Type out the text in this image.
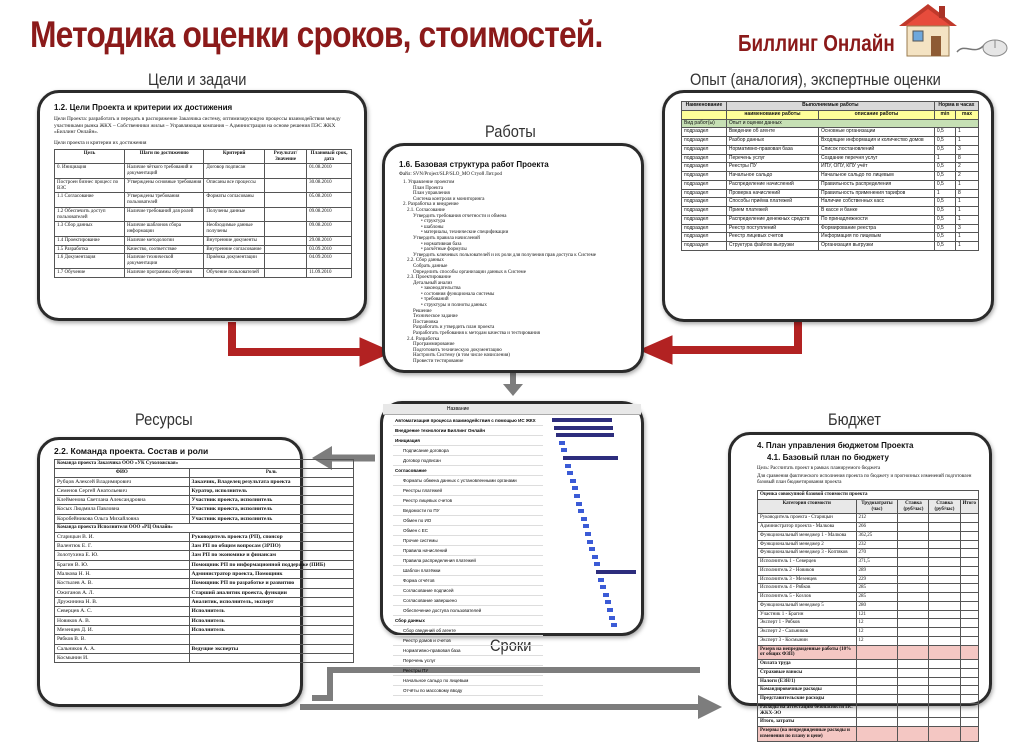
Методика оценки сроков, стоимостей.	Биллинг Онлайн
Цели и задачи
Работы
Опыт (аналогия), экспертные оценки
Ресурсы	Бюджет
Сроки
1.2. Цели Проекта и критерии их достижения
Цели Проекта: разработать и передать в распоряжение Заказчика систему, оптимизирующую процессы взаимодействия между участниками рынка ЖКХ – Собственники жилья – Управляющая компания – Администрация на основе решения ПЭС ЖКХ «Биллинг Онлайн».
Цели проекта и критерии их достижения
Цель	Шаги по достижению	Критерий	Результат/Значение	Плановый срок, дата
0. Инициация	Наличие чёткого требований и документаций	Договор подписан		01.08.2010
Построен бизнес процесс по ВЗС	Утверждены основные требования	Описаны все процессы		30.08.2010
1.1 Согласование	Утверждены требования пользователей	Форматы согласованы		05.08.2010
1.2 Обеспечить доступ пользователей	Наличие требований для ролей	Получены данные		09.08.2010
1.3 Сбор данных	Наличие шаблонов сбора информации	Необходимые данные получены		09.08.2010
1.4 Проектирование	Наличие методологии	Внутренние документы		29.08.2010
1.5 Разработка	Качество, соответствие	Внутренние согласование		03.09.2010
1.6 Документация	Наличие технической документации	Приёмка документации		04.09.2010
1.7 Обучение	Наличие программы обучения	Обучение пользователей		11.09.2010
1.6. Базовая структура работ Проекта
Файл: SVN/Project/SLP/SLO_MO Стуой Лит.pod
1. Управление проектом
План Проекта
План управления
Система контроля и мониторинга
2. Разработка и внедрение
2.1. Согласование
Утвердить требования отчетности и обмена
• структура
• шаблоны
• материалы, технические спецификации
Утвердить правила начислений
• нормативная база
• расчётные формулы
Утвердить ключевых пользователей и их роли для получения прав доступа к Системе
2.2. Сбор данных
Собрать данные
Определить способы организации данных в Системе
2.3. Проектирование
Детальный анализ
• законодательства
• состояния функционала системы
• требований
• структуры и полноты данных
Решение
Техническое задание
Постановка
Разработать и утвердить план проекта
Разработать требования к методам качества и тестирования
2.4. Разработка
Программирование
Подготовить техническую документацию
Настроить Систему (в том числе начисления)
Провести тестирование
Наименование	Выполняемые работы		Норма в часах	
	наименование работы	описание работы	min	max
Вид работ(ы)	Опыт и оценки данных			
подраздел	Введение об агенте	Основные организации	0,5	1
подраздел	Разбор данных	Входящие информация и количество домов	0,5	1
подраздел	Нормативно-правовая база	Список постановлений	0,5	3
подраздел	Перечень услуг	Создание перечня услуг	1	8
подраздел	Реестры ПУ	ИПУ, ОПУ, КПУ учёт	0,5	2
подраздел	Начальное сальдо	Начальное сальдо по лицевым	0,5	2
подраздел	Распределение начислений	Правильность распределения	0,5	1
подраздел	Проверка начислений	Правильность применения тарифов	1	8
подраздел	Способы приёма платежей	Наличие собственных касс	0,5	1
подраздел	Прием платежей	В кассе и банке	0,5	1
подраздел	Распределение денежных средств	По принадлежности	0,5	1
подраздел	Реестр поступлений	Формирование реестра	0,5	3
подраздел	Реестр лицевых счетов	Информация по лицевым	0,5	1
подраздел	Структура файлов выгрузки	Организация выгрузки	0,5	1
2.2. Команда проекта. Состав и роли
Команда проекта Заказчика ООО «УК Сухоложская»	
ФИО	Роль
Рубцов Алексей Владимирович	Заказчик, Владелец результата проекта
Семенов Сергей Анатольевич	Куратор, исполнитель
Клейменова Светлана Александровна	Участник проекта, исполнитель
Косых Людмила Павловна	Участник проекта, исполнитель
Коробейникова Ольга Михайловна	Участник проекта, исполнитель
Команда проекта Исполнителя ООО «РЦ Онлайн»	
Старицын В. И.	Руководитель проекта (РП), спонсор
Валентюк Е. Г.	Зам РП по общим вопросам (ЗРПО)
Золотухина Е. Ю.	Зам РП по экономике и финансам
Брагин В. Ю.	Помощник РП по информационной поддержке (ПИБ)
Малкова Н. Н.	Администратор проекта, Помощник
Костылев А. В.	Помощник РП по разработке и развитию
Ожиганов А. Л.	Старший аналитик проекта, функции
Дружинина Н. В.	Аналитик, исполнитель, эксперт
Северцев А. С.	Исполнитель
Новиков А. В.	Исполнитель
Мезенцев Д. И.	Исполнитель
Рябков В. В.	
Сальников А. А.	Ведущие эксперты
Космынин И.	
Название
Автоматизация процесса взаимодействия с помощью ИС ЖКХ
Внедрение технологии Биллинг Онлайн
Инициация
Подписание договора
Договор подписан
Согласование
Форматы обмена данных с установленными органами
Реестры платежей
Реестр лицевых счетов
Ведомости по ПУ
Обмен по ИО
Обмен с ЕС
Прочие системы
Правила начислений
Правила распределения платежей
Шаблон платёжки
Форма отчётов
Согласование подписей
Согласование завершено
Обеспечение доступа пользователей
Сбор данных
Сбор сведений об агенте
Реестр домов и счетов
Нормативно-правовая база
Перечень услуг
Реестры ПУ
Начальное сальдо по лицевым
Отчёты по массовому вводу
4. План управления бюджетом Проекта
4.1. Базовый план по бюджету
Цель: Рассчитать проект в рамках планируемого бюджета
Для сравнения фактического исполнения проекта по бюджету и прогнозных изменений подготовлен базовый план бюджетирования проекта
Оценка совокупной базовой стоимости проекта				
Категория стоимости	Трудозатраты (час)	Ставка (руб/час)	Ставка (руб/час)	Итого
Руководитель проекта - Старицын	212			
Администратор проекта - Малкова	266			
Функциональный менеджер 1 - Малкова	362,25			
Функциональный менеджер 2	232			
Функциональный менеджер 3 - Коптяков	270			
Исполнитель 1 - Северцев	371,5			
Исполнитель 2 - Новиков	289			
Исполнитель 3 - Мезенцев	229			
Исполнитель 4 - Рябков	285			
Исполнитель 5 - Козлов	285			
Функциональный менеджер 5	280			
Участник 1 - Брагин	121			
Эксперт 1 - Рябков	12			
Эксперт 2 - Сальников	12			
Эксперт 3 - Космынин	12			
Резерв на непредвиденные работы (10% от общих ФЗП)				
Оплата труда				
Страховые взносы				
Налоги (ЕЗН/1)				
Командировочные расходы				
Представительские расходы				
Расходы на аттестацию безопасности ПС ЖКХ-ЭО				
Итого, затраты				
Резервы (на непредвиденные расходы и изменения по плану и цене)				
